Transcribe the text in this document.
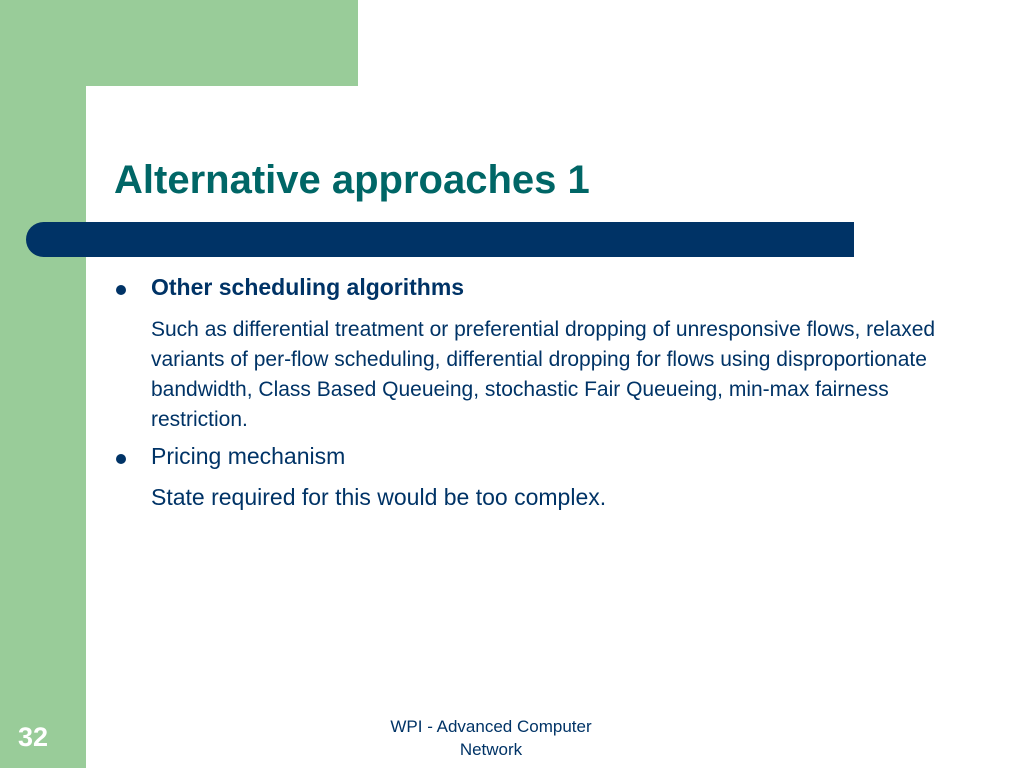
Alternative approaches 1
Other scheduling algorithms
Such as differential treatment or preferential dropping of unresponsive flows, relaxed variants of per-flow scheduling, differential dropping for flows using disproportionate bandwidth, Class Based Queueing, stochastic Fair Queueing, min-max fairness restriction.
Pricing mechanism
State required for this would be too complex.
WPI - Advanced Computer
Network
32
